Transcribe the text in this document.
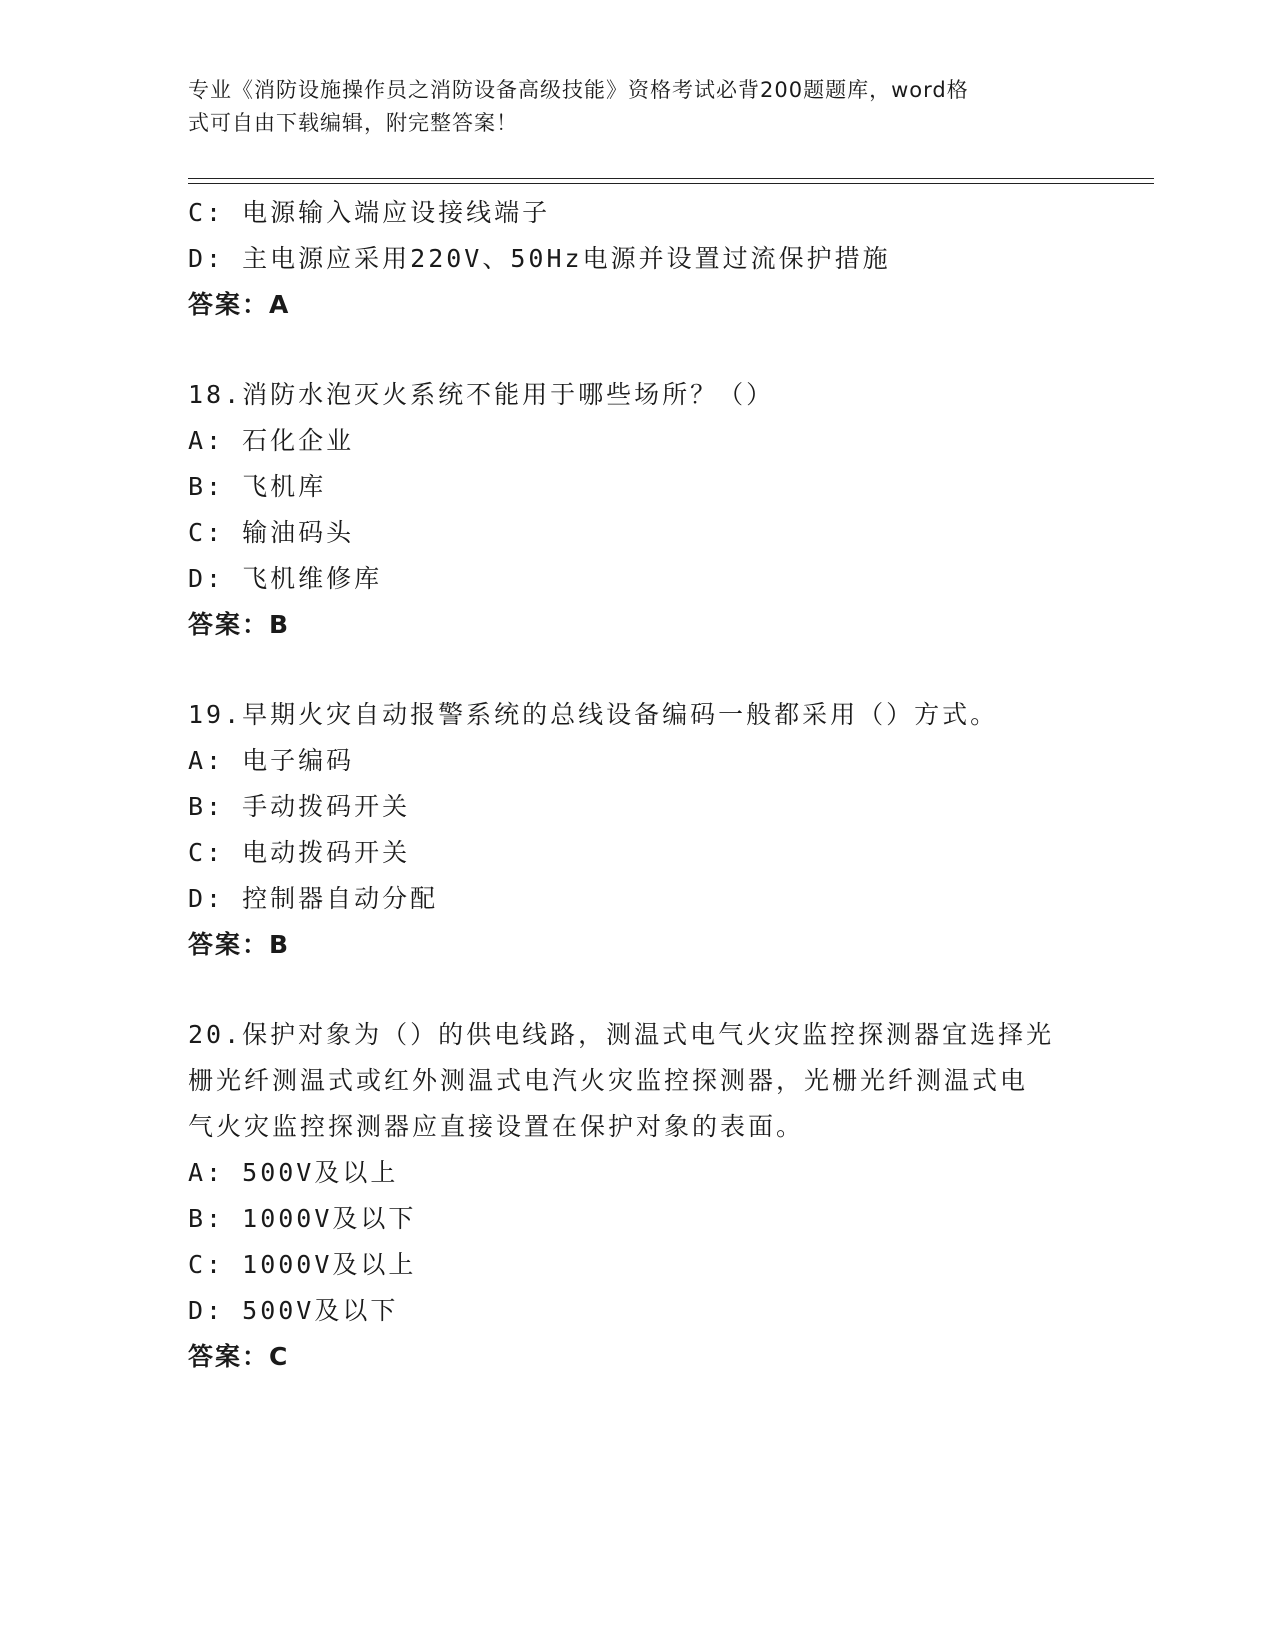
专业《消防设施操作员之消防设备高级技能》资格考试必背200题题库，word格
式可自由下载编辑，附完整答案！
C: 电源输入端应设接线端子
D: 主电源应采用220V、50Hz电源并设置过流保护措施
答案：A
18.消防水泡灭火系统不能用于哪些场所？（）
A: 石化企业
B: 飞机库
C: 输油码头
D: 飞机维修库
答案：B
19.早期火灾自动报警系统的总线设备编码一般都采用（）方式。
A: 电子编码
B: 手动拨码开关
C: 电动拨码开关
D: 控制器自动分配
答案：B
20.保护对象为（）的供电线路，测温式电气火灾监控探测器宜选择光
栅光纤测温式或红外测温式电汽火灾监控探测器，光栅光纤测温式电
气火灾监控探测器应直接设置在保护对象的表面。
A: 500V及以上
B: 1000V及以下
C: 1000V及以上
D: 500V及以下
答案：C
